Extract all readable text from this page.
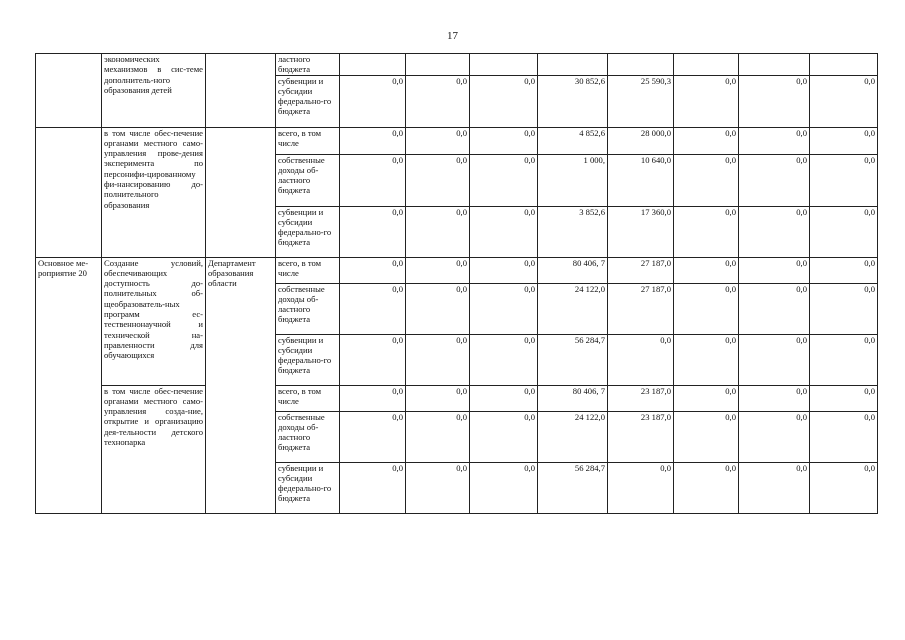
17
	экономических механизмов в сис-теме дополнитель-ного образования детей		ластного бюджета								
			субвенции и субсидии федерально-го бюджета	0,0	0,0	0,0	30 852,6	25 590,3	0,0	0,0	0,0
	в том числе обес-печение органами местного само-управления прове-дения экспериментa по персонифи-цированному фи-нансированию до-полнительного образования		всего, в том числе	0,0	0,0	0,0	4 852,6	28 000,0	0,0	0,0	0,0
			собственные доходы об-ластного бюджета	0,0	0,0	0,0	1 000,	10 640,0	0,0	0,0	0,0
			субвенции и субсидии федерально-го бюджета	0,0	0,0	0,0	3 852,6	17 360,0	0,0	0,0	0,0
Основное ме-роприятие 20	Создание условий, обеспечивающих доступность до-полнительных об-щеобразователь-ных программ ес-тественнонаучной и технической на-правленности для обучающихся	Департамент образования области	всего, в том числе	0,0	0,0	0,0	80 406, 7	27 187,0	0,0	0,0	0,0
			собственные доходы об-ластного бюджета	0,0	0,0	0,0	24 122,0	27 187,0	0,0	0,0	0,0
			субвенции и субсидии федерально-го бюджета	0,0	0,0	0,0	56 284,7	0,0	0,0	0,0	0,0
	в том числе обес-печение органами местного само-управления созда-ние, открытие и организацию дея-тельности детского технопарка		всего, в том числе	0,0	0,0	0,0	80 406, 7	23 187,0	0,0	0,0	0,0
			собственные доходы об-ластного бюджета	0,0	0,0	0,0	24 122,0	23 187,0	0,0	0,0	0,0
			субвенции и субсидии федерально-го бюджета	0,0	0,0	0,0	56 284,7	0,0	0,0	0,0	0,0
